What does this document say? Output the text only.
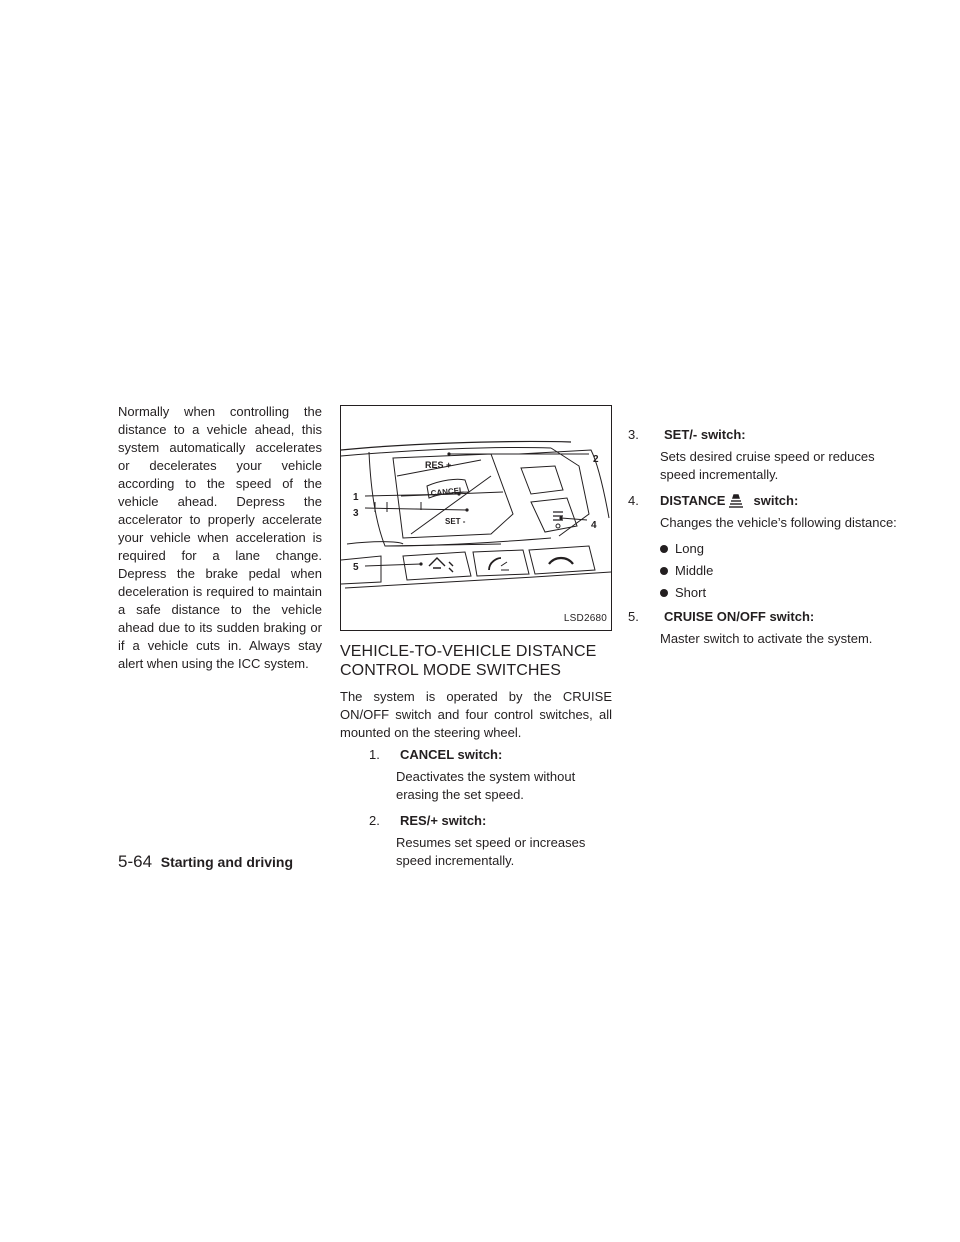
Normally when controlling the distance to a vehicle ahead, this system automatically accelerates or decelerates your vehicle according to the speed of the vehicle ahead. Depress the accelerator to properly accelerate your vehicle when acceleration is required for a lane change. Depress the brake pedal when deceleration is required to maintain a safe distance to the vehicle ahead due to its sudden braking or if a vehicle cuts in. Always stay alert when using the ICC system.
RES +
CANCEL
SET -
2
1
3
4
5
LSD2680
VEHICLE-TO-VEHICLE DISTANCE
CONTROL MODE SWITCHES
The system is operated by the CRUISE ON/OFF switch and four control switches, all mounted on the steering wheel.
1.	CANCEL switch:
Deactivates the system without erasing the set speed.
2.	RES/+ switch:
Resumes set speed or increases speed incrementally.
3.	SET/- switch:
Sets desired cruise speed or reduces speed incrementally.
4.	DISTANCE switch:
Changes the vehicle’s following distance:
Long
Middle
Short
5.	CRUISE ON/OFF switch:
Master switch to activate the system.
5-64 Starting and driving
